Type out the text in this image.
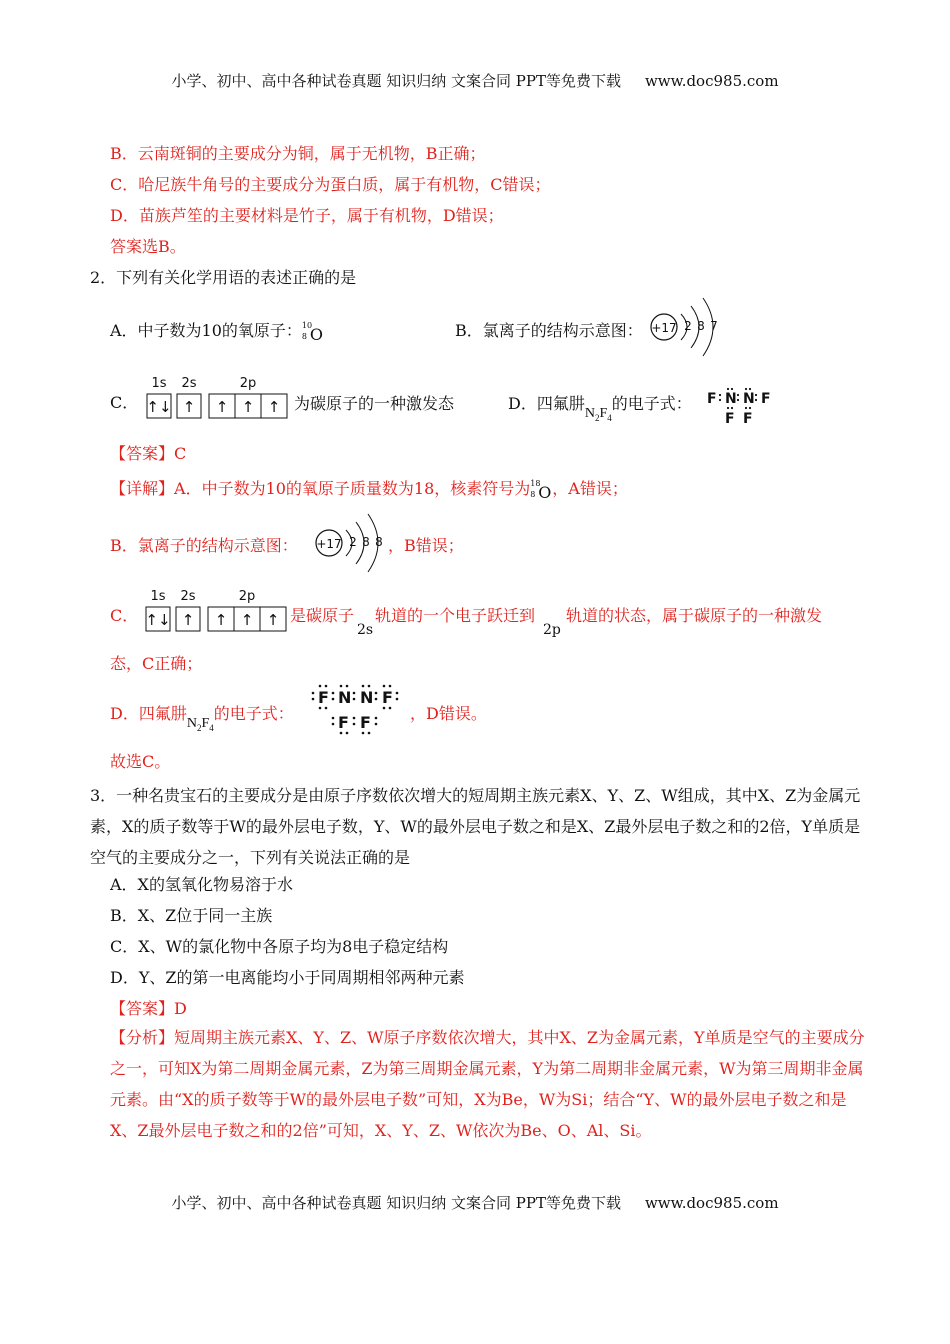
小学、初中、高中各种试卷真题 知识归纳 文案合同 PPT等免费下载 www.doc985.com
B．云南斑铜的主要成分为铜，属于无机物，B正确；
C．哈尼族牛角号的主要成分为蛋白质，属于有机物，C错误；
D．苗族芦笙的主要材料是竹子，属于有机物，D错误；
答案选B。
2．下列有关化学用语的表述正确的是
A．中子数为10的氧原子： 10
8 O	B．氯离子的结构示意图： +17 2 8 7
C．
1s 2s	2p
↑↓ ↑ ↑ ↑ ↑ 为碳原子的一种激发态	D．四氟肼$N_2F_4$的电子式： F N N F
F F
【答案】C
【详解】A．中子数为10的氧原子质量数为18，核素符号为 18
8 O ，A错误；
B．氯离子的结构示意图： +17 2 8 8 ，B错误；
C．
1s 2s	2p
↑↓ ↑ ↑ ↑ ↑ 是碳原子
2s
轨道的一个电子跃迁到
2p
轨道的状态，属于碳原子的一种激发
态，C正确；
D．四氟肼$N_2F_4$的电子式：
F N N F
F F ，D错误。
故选C。
3．一种名贵宝石的主要成分是由原子序数依次增大的短周期主族元素X、Y、Z、W组成，其中X、Z为金属元素，X的质子数等于W的最外层电子数，Y、W的最外层电子数之和是X、Z最外层电子数之和的2倍，Y单质是空气的主要成分之一，下列有关说法正确的是
A．X的氢氧化物易溶于水
B．X、Z位于同一主族
C．X、W的氯化物中各原子均为8电子稳定结构
D．Y、Z的第一电离能均小于同周期相邻两种元素
【答案】D
【分析】短周期主族元素X、Y、Z、W原子序数依次增大，其中X、Z为金属元素，Y单质是空气的主要成分之一，可知X为第二周期金属元素，Z为第三周期金属元素，Y为第二周期非金属元素，W为第三周期非金属元素。由“X的质子数等于W的最外层电子数”可知，X为Be，W为Si；结合“Y、W的最外层电子数之和是X、Z最外层电子数之和的2倍”可知，X、Y、Z、W依次为Be、O、Al、Si。
小学、初中、高中各种试卷真题 知识归纳 文案合同 PPT等免费下载 www.doc985.com
